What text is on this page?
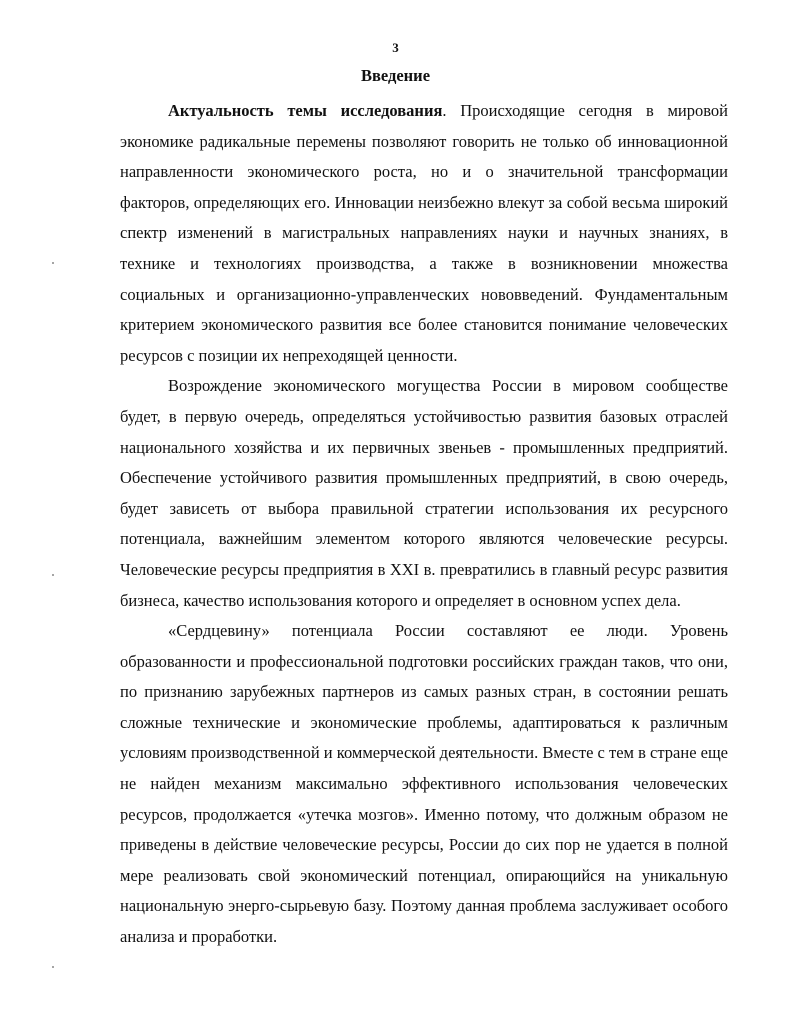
3
Введение

Актуальность темы исследования. Происходящие сегодня в мировой экономике радикальные перемены позволяют говорить не только об инновационной направленности экономического роста, но и о значительной трансформации факторов, определяющих его. Инновации неизбежно влекут за собой весьма широкий спектр изменений в магистральных направлениях науки и научных знаниях, в технике и технологиях производства, а также в возникновении множества социальных и организационно-управленческих нововведений. Фундаментальным критерием экономического развития все более становится понимание человеческих ресурсов с позиции их непреходящей ценности.

Возрождение экономического могущества России в мировом сообществе будет, в первую очередь, определяться устойчивостью развития базовых отраслей национального хозяйства и их первичных звеньев - промышленных предприятий. Обеспечение устойчивого развития промышленных предприятий, в свою очередь, будет зависеть от выбора правильной стратегии использования их ресурсного потенциала, важнейшим элементом которого являются человеческие ресурсы. Человеческие ресурсы предприятия в XXI в. превратились в главный ресурс развития бизнеса, качество использования которого и определяет в основном успех дела.

«Сердцевину» потенциала России составляют ее люди. Уровень образованности и профессиональной подготовки российских граждан таков, что они, по признанию зарубежных партнеров из самых разных стран, в состоянии решать сложные технические и экономические проблемы, адаптироваться к различным условиям производственной и коммерческой деятельности. Вместе с тем в стране еще не найден механизм максимально эффективного использования человеческих ресурсов, продолжается «утечка мозгов». Именно потому, что должным образом не приведены в действие человеческие ресурсы, России до сих пор не удается в полной мере реализовать свой экономический потенциал, опирающийся на уникальную национальную энерго-сырьевую базу. Поэтому данная проблема заслуживает особого анализа и проработки.
